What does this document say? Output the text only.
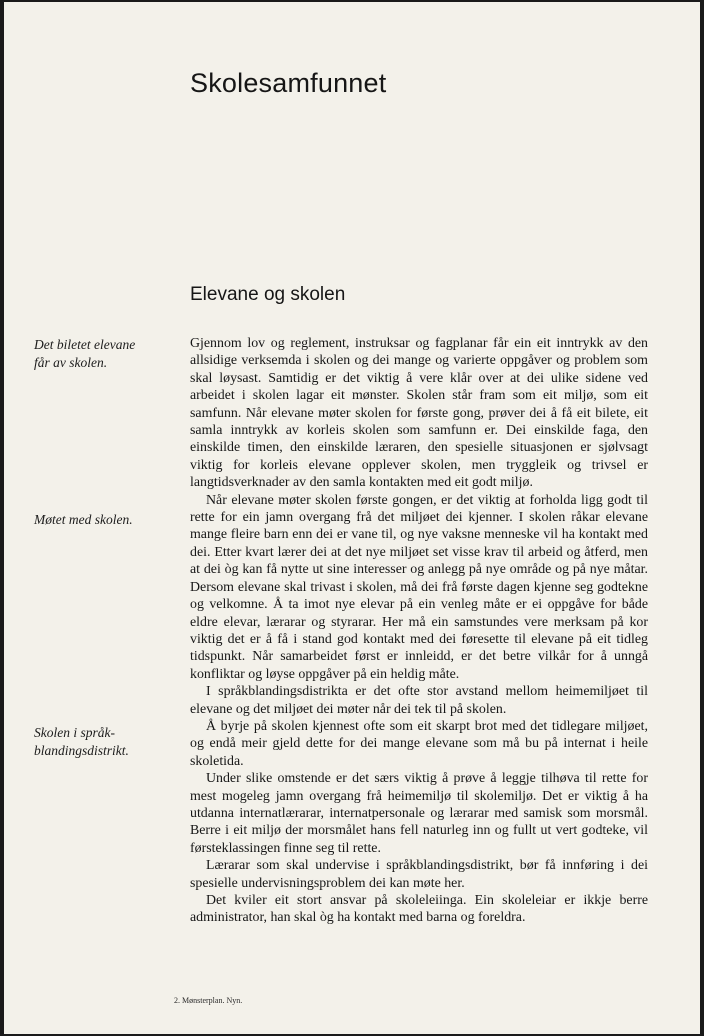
Skolesamfunnet
Elevane og skolen
Det biletet elevane
får av skolen.
Møtet med skolen.
Skolen i språk-
blandingsdistrikt.

Gjennom lov og reglement, instruksar og fagplanar får ein eit inntrykk av den allsidige verksemda i skolen og dei mange og varierte oppgåver og problem som skal løysast. Samtidig er det viktig å vere klår over at dei ulike sidene ved arbeidet i skolen lagar eit mønster. Skolen står fram som eit miljø, som eit samfunn. Når elevane møter skolen for første gong, prøver dei å få eit bilete, eit samla inntrykk av korleis skolen som samfunn er. Dei einskilde faga, den einskilde timen, den einskilde læraren, den spesielle situasjonen er sjølvsagt viktig for korleis elevane opplever skolen, men tryggleik og trivsel er langtidsverknader av den samla kontakten med eit godt miljø.

Når elevane møter skolen første gongen, er det viktig at forholda ligg godt til rette for ein jamn overgang frå det miljøet dei kjenner. I skolen råkar elevane mange fleire barn enn dei er vane til, og nye vaksne menneske vil ha kontakt med dei. Etter kvart lærer dei at det nye miljøet set visse krav til arbeid og åtferd, men at dei òg kan få nytte ut sine interesser og anlegg på nye område og på nye måtar. Dersom elevane skal trivast i skolen, må dei frå første dagen kjenne seg godtekne og velkomne. Å ta imot nye elevar på ein venleg måte er ei oppgåve for både eldre elevar, lærarar og styrarar. Her må ein samstundes vere merksam på kor viktig det er å få i stand god kontakt med dei føresette til elevane på eit tidleg tidspunkt. Når samarbeidet først er innleidd, er det betre vilkår for å unngå konfliktar og løyse oppgåver på ein heldig måte.

I språkblandingsdistrikta er det ofte stor avstand mellom heimemiljøet til elevane og det miljøet dei møter når dei tek til på skolen.

Å byrje på skolen kjennest ofte som eit skarpt brot med det tidlegare miljøet, og endå meir gjeld dette for dei mange elevane som må bu på internat i heile skoletida.

Under slike omstende er det særs viktig å prøve å leggje tilhøva til rette for mest mogeleg jamn overgang frå heimemiljø til skolemiljø. Det er viktig å ha utdanna internatlærarar, internatpersonale og lærarar med samisk som morsmål. Berre i eit miljø der morsmålet hans fell naturleg inn og fullt ut vert godteke, vil førsteklassingen finne seg til rette.

Lærarar som skal undervise i språkblandingsdistrikt, bør få innføring i dei spesielle undervisningsproblem dei kan møte her.

Det kviler eit stort ansvar på skoleleiinga. Ein skoleleiar er ikkje berre administrator, han skal òg ha kontakt med barna og foreldra.

2. Mønsterplan. Nyn.
